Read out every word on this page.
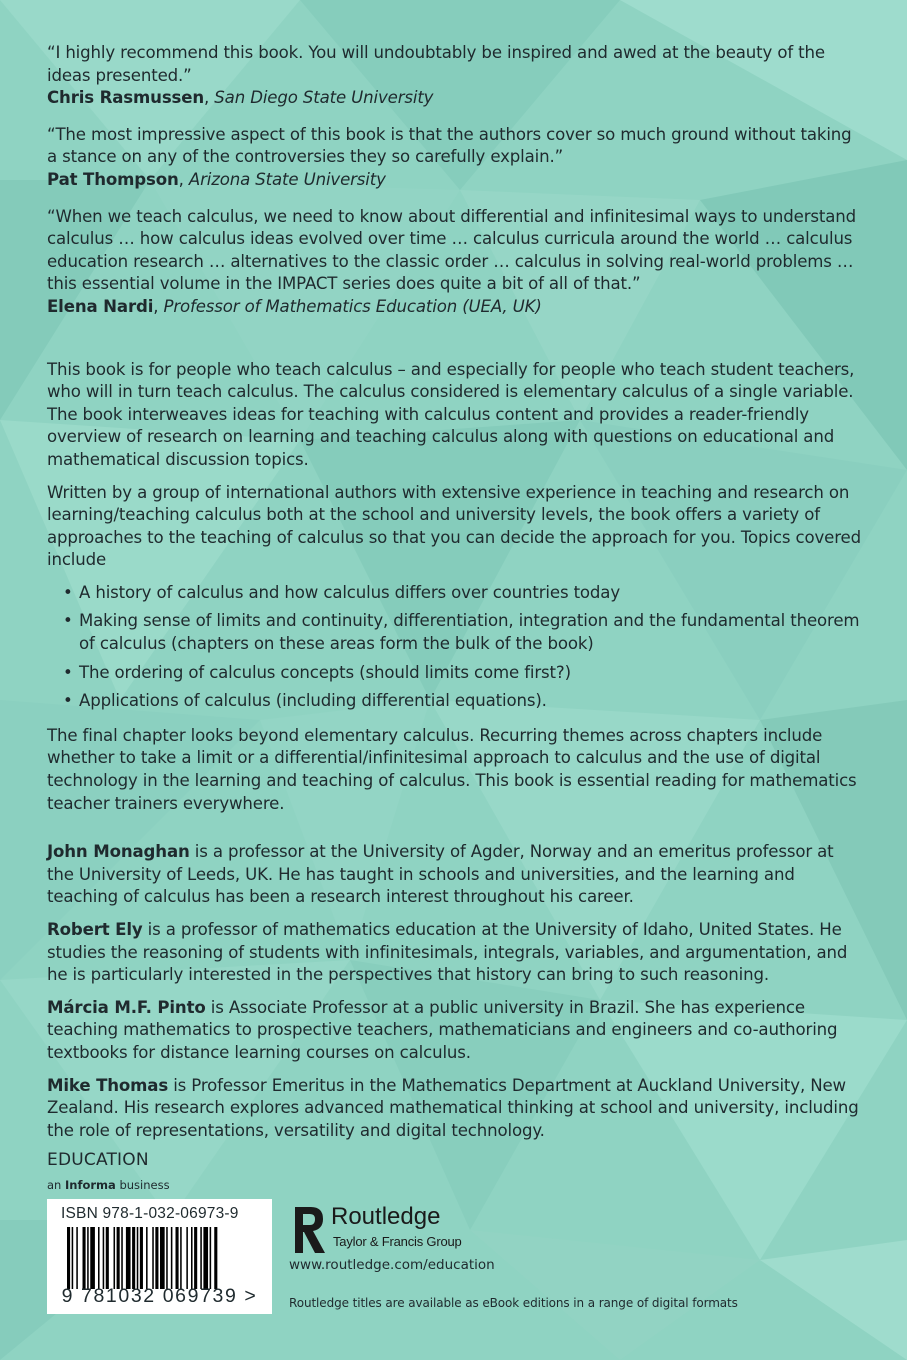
“I highly recommend this book. You will undoubtably be inspired and awed at the beauty of the ideas presented.”

Chris Rasmussen, San Diego State University

“The most impressive aspect of this book is that the authors cover so much ground without taking a stance on any of the controversies they so carefully explain.”

Pat Thompson, Arizona State University

“When we teach calculus, we need to know about differential and infinitesimal ways to understand calculus … how calculus ideas evolved over time … calculus curricula around the world … calculus education research … alternatives to the classic order … calculus in solving real-world problems … this essential volume in the IMPACT series does quite a bit of all of that.”

Elena Nardi, Professor of Mathematics Education (UEA, UK)

This book is for people who teach calculus – and especially for people who teach student teachers, who will in turn teach calculus. The calculus considered is elementary calculus of a single variable. The book interweaves ideas for teaching with calculus content and provides a reader-friendly overview of research on learning and teaching calculus along with questions on educational and mathematical discussion topics.

Written by a group of international authors with extensive experience in teaching and research on learning/teaching calculus both at the school and university levels, the book offers a variety of approaches to the teaching of calculus so that you can decide the approach for you. Topics covered include

• A history of calculus and how calculus differs over countries today
• Making sense of limits and continuity, differentiation, integration and the fundamental theorem of calculus (chapters on these areas form the bulk of the book)
• The ordering of calculus concepts (should limits come first?)
• Applications of calculus (including differential equations).

The final chapter looks beyond elementary calculus. Recurring themes across chapters include whether to take a limit or a differential/infinitesimal approach to calculus and the use of digital technology in the learning and teaching of calculus. This book is essential reading for mathematics teacher trainers everywhere.

John Monaghan is a professor at the University of Agder, Norway and an emeritus professor at the University of Leeds, UK. He has taught in schools and universities, and the learning and teaching of calculus has been a research interest throughout his career.

Robert Ely is a professor of mathematics education at the University of Idaho, United States. He studies the reasoning of students with infinitesimals, integrals, variables, and argumentation, and he is particularly interested in the perspectives that history can bring to such reasoning.

Márcia M.F. Pinto is Associate Professor at a public university in Brazil. She has experience teaching mathematics to prospective teachers, mathematicians and engineers and co-authoring textbooks for distance learning courses on calculus.

Mike Thomas is Professor Emeritus in the Mathematics Department at Auckland University, New Zealand. His research explores advanced mathematical thinking at school and university, including the role of representations, versatility and digital technology.

EDUCATION
an Informa business
ISBN 978-1-032-06973-9
9 781032 069739 >
Routledge
Taylor & Francis Group
www.routledge.com/education
Routledge titles are available as eBook editions in a range of digital formats
